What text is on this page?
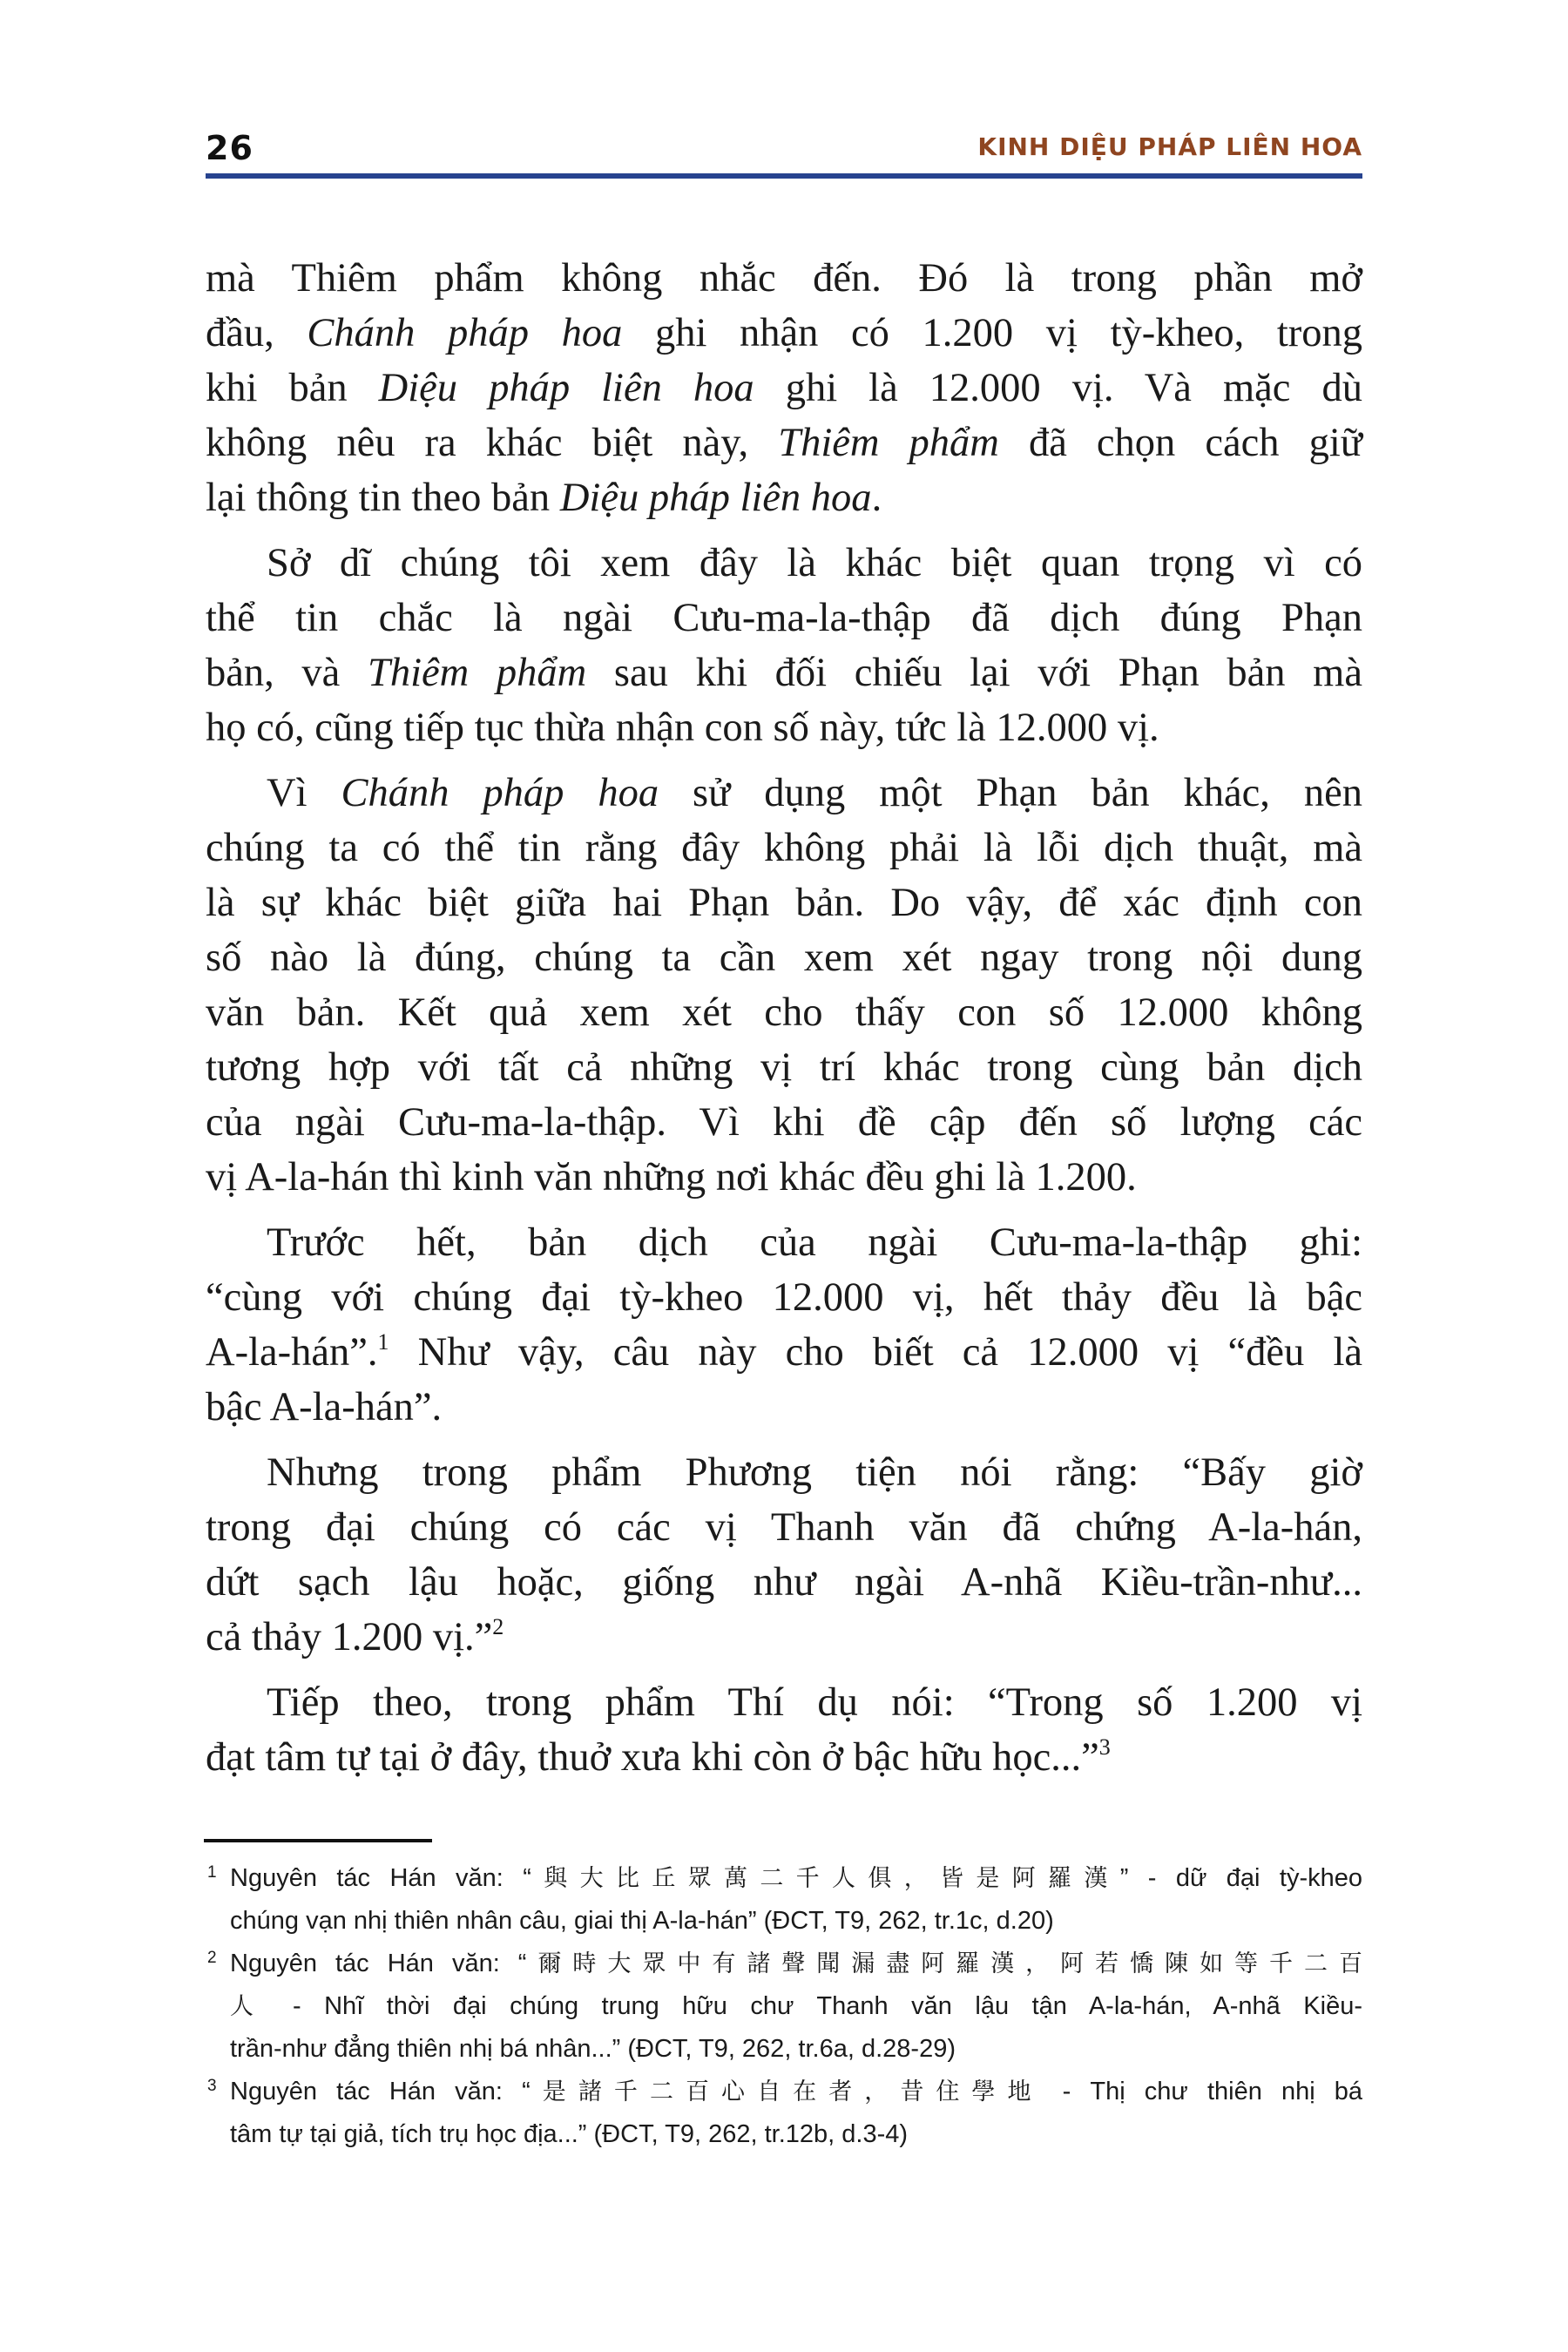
26	KINH DIỆU PHÁP LIÊN HOA
mà Thiêm phẩm không nhắc đến. Đó là trong phần mở
đầu, Chánh pháp hoa ghi nhận có 1.200 vị tỳ-kheo, trong
khi bản Diệu pháp liên hoa ghi là 12.000 vị. Và mặc dù
không nêu ra khác biệt này, Thiêm phẩm đã chọn cách giữ
lại thông tin theo bản Diệu pháp liên hoa.
Sở dĩ chúng tôi xem đây là khác biệt quan trọng vì có
thể tin chắc là ngài Cưu-ma-la-thập đã dịch đúng Phạn
bản, và Thiêm phẩm sau khi đối chiếu lại với Phạn bản mà
họ có, cũng tiếp tục thừa nhận con số này, tức là 12.000 vị.
Vì Chánh pháp hoa sử dụng một Phạn bản khác, nên
chúng ta có thể tin rằng đây không phải là lỗi dịch thuật, mà
là sự khác biệt giữa hai Phạn bản. Do vậy, để xác định con
số nào là đúng, chúng ta cần xem xét ngay trong nội dung
văn bản. Kết quả xem xét cho thấy con số 12.000 không
tương hợp với tất cả những vị trí khác trong cùng bản dịch
của ngài Cưu-ma-la-thập. Vì khi đề cập đến số lượng các
vị A-la-hán thì kinh văn những nơi khác đều ghi là 1.200.
Trước hết, bản dịch của ngài Cưu-ma-la-thập ghi:
“cùng với chúng đại tỳ-kheo 12.000 vị, hết thảy đều là bậc
A-la-hán”.$^1$ Như vậy, câu này cho biết cả 12.000 vị “đều là
bậc A-la-hán”.
Nhưng trong phẩm Phương tiện nói rằng: “Bấy giờ
trong đại chúng có các vị Thanh văn đã chứng A-la-hán,
dứt sạch lậu hoặc, giống như ngài A-nhã Kiều-trần-như...
cả thảy 1.200 vị.”$^2$
Tiếp theo, trong phẩm Thí dụ nói: “Trong số 1.200 vị
đạt tâm tự tại ở đây, thuở xưa khi còn ở bậc hữu học...”$^3$
1 Nguyên tác Hán văn: “與大比丘眾萬二千人俱，皆是阿羅漢” - dữ đại tỳ-kheo
chúng vạn nhị thiên nhân câu, giai thị A-la-hán” (ĐCT, T9, 262, tr.1c, d.20)
2 Nguyên tác Hán văn: “爾時大眾中有諸聲聞漏盡阿羅漢，阿若憍陳如等千二百
人 - Nhĩ thời đại chúng trung hữu chư Thanh văn lậu tận A-la-hán, A-nhã Kiều-
trần-như đẳng thiên nhị bá nhân...” (ĐCT, T9, 262, tr.6a, d.28-29)
3 Nguyên tác Hán văn: “是諸千二百心自在者，昔住學地 - Thị chư thiên nhị bá
tâm tự tại giả, tích trụ học địa...” (ĐCT, T9, 262, tr.12b, d.3-4)
